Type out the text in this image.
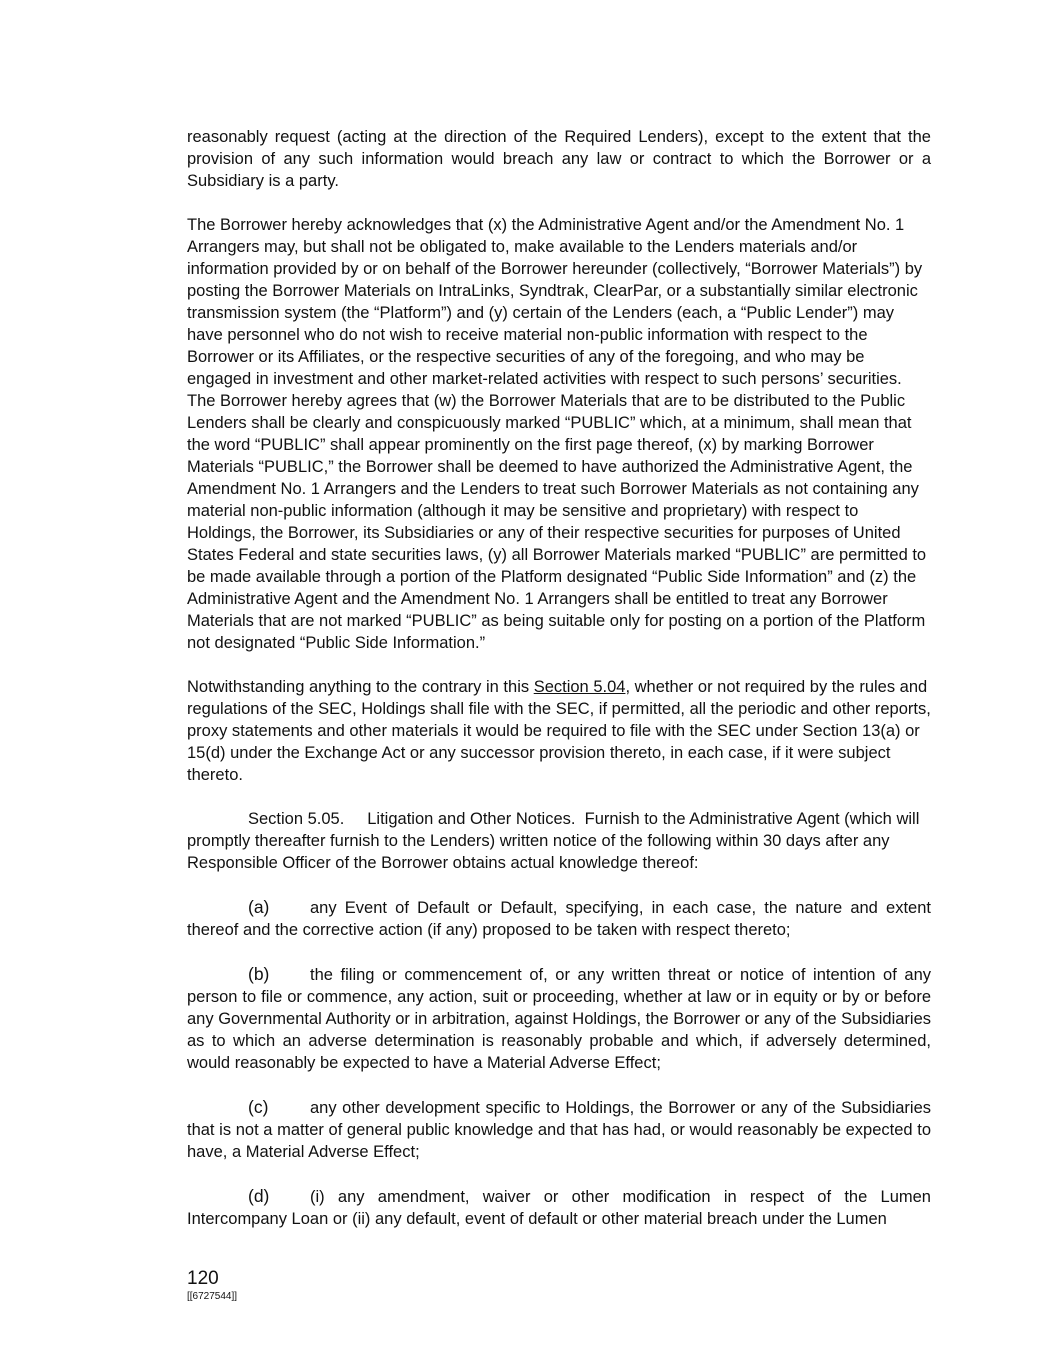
reasonably request (acting at the direction of the Required Lenders), except to the extent that the provision of any such information would breach any law or contract to which the Borrower or a Subsidiary is a party.

The Borrower hereby acknowledges that (x) the Administrative Agent and/or the Amendment No. 1 Arrangers may, but shall not be obligated to, make available to the Lenders materials and/or information provided by or on behalf of the Borrower hereunder (collectively, “Borrower Materials”) by posting the Borrower Materials on IntraLinks, Syndtrak, ClearPar, or a substantially similar electronic transmission system (the “Platform”) and (y) certain of the Lenders (each, a “Public Lender”) may have personnel who do not wish to receive material non-public information with respect to the Borrower or its Affiliates, or the respective securities of any of the foregoing, and who may be engaged in investment and other market-related activities with respect to such persons’ securities. The Borrower hereby agrees that (w) the Borrower Materials that are to be distributed to the Public Lenders shall be clearly and conspicuously marked “PUBLIC” which, at a minimum, shall mean that the word “PUBLIC” shall appear prominently on the first page thereof, (x) by marking Borrower Materials “PUBLIC,” the Borrower shall be deemed to have authorized the Administrative Agent, the Amendment No. 1 Arrangers and the Lenders to treat such Borrower Materials as not containing any material non-public information (although it may be sensitive and proprietary) with respect to Holdings, the Borrower, its Subsidiaries or any of their respective securities for purposes of United States Federal and state securities laws, (y) all Borrower Materials marked “PUBLIC” are permitted to be made available through a portion of the Platform designated “Public Side Information” and (z) the Administrative Agent and the Amendment No. 1 Arrangers shall be entitled to treat any Borrower Materials that are not marked “PUBLIC” as being suitable only for posting on a portion of the Platform not designated “Public Side Information.”

Notwithstanding anything to the contrary in this Section 5.04, whether or not required by the rules and regulations of the SEC, Holdings shall file with the SEC, if permitted, all the periodic and other reports, proxy statements and other materials it would be required to file with the SEC under Section 13(a) or 15(d) under the Exchange Act or any successor provision thereto, in each case, if it were subject thereto.

Section 5.05. Litigation and Other Notices. Furnish to the Administrative Agent (which will promptly thereafter furnish to the Lenders) written notice of the following within 30 days after any Responsible Officer of the Borrower obtains actual knowledge thereof:

(a) any Event of Default or Default, specifying, in each case, the nature and extent thereof and the corrective action (if any) proposed to be taken with respect thereto;

(b) the filing or commencement of, or any written threat or notice of intention of any person to file or commence, any action, suit or proceeding, whether at law or in equity or by or before any Governmental Authority or in arbitration, against Holdings, the Borrower or any of the Subsidiaries as to which an adverse determination is reasonably probable and which, if adversely determined, would reasonably be expected to have a Material Adverse Effect;

(c)	any other development specific to Holdings, the Borrower or any of the Subsidiaries that is not a matter of general public knowledge and that has had, or would reasonably be expected to have, a Material Adverse Effect;

(d) (i) any amendment, waiver or other modification in respect of the Lumen Intercompany Loan or (ii) any default, event of default or other material breach under the Lumen

120
[[6727544]]
